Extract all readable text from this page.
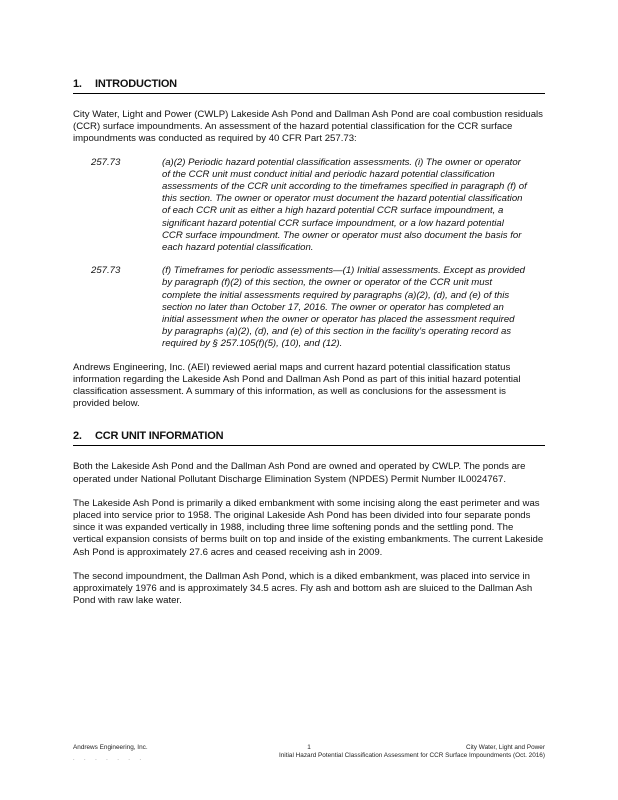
1. INTRODUCTION

City Water, Light and Power (CWLP) Lakeside Ash Pond and Dallman Ash Pond are coal combustion residuals (CCR) surface impoundments. An assessment of the hazard potential classification for the CCR surface impoundments was conducted as required by 40 CFR Part 257.73:

257.73	(a)(2) Periodic hazard potential classification assessments. (i) The owner or operator of the CCR unit must conduct initial and periodic hazard potential classification assessments of the CCR unit according to the timeframes specified in paragraph (f) of this section. The owner or operator must document the hazard potential classification of each CCR unit as either a high hazard potential CCR surface impoundment, a significant hazard potential CCR surface impoundment, or a low hazard potential CCR surface impoundment. The owner or operator must also document the basis for each hazard potential classification.
257.73	(f) Timeframes for periodic assessments—(1) Initial assessments. Except as provided by paragraph (f)(2) of this section, the owner or operator of the CCR unit must complete the initial assessments required by paragraphs (a)(2), (d), and (e) of this section no later than October 17, 2016. The owner or operator has completed an initial assessment when the owner or operator has placed the assessment required by paragraphs (a)(2), (d), and (e) of this section in the facility’s operating record as required by § 257.105(f)(5), (10), and (12).

Andrews Engineering, Inc. (AEI) reviewed aerial maps and current hazard potential classification status information regarding the Lakeside Ash Pond and Dallman Ash Pond as part of this initial hazard potential classification assessment. A summary of this information, as well as conclusions for the assessment is provided below.

2. CCR UNIT INFORMATION

Both the Lakeside Ash Pond and the Dallman Ash Pond are owned and operated by CWLP. The ponds are operated under National Pollutant Discharge Elimination System (NPDES) Permit Number IL0024767.

The Lakeside Ash Pond is primarily a diked embankment with some incising along the east perimeter and was placed into service prior to 1958. The original Lakeside Ash Pond has been divided into four separate ponds since it was expanded vertically in 1988, including three lime softening ponds and the settling pond. The vertical expansion consists of berms built on top and inside of the existing embankments. The current Lakeside Ash Pond is approximately 27.6 acres and ceased receiving ash in 2009.

The second impoundment, the Dallman Ash Pond, which is a diked embankment, was placed into service in approximately 1976 and is approximately 34.5 acres. Fly ash and bottom ash are sluiced to the Dallman Ash Pond with raw lake water.

Andrews Engineering, Inc.	1	City Water, Light and Power
Initial Hazard Potential Classification Assessment for CCR Surface Impoundments (Oct. 2016)
· · · · · · ·
